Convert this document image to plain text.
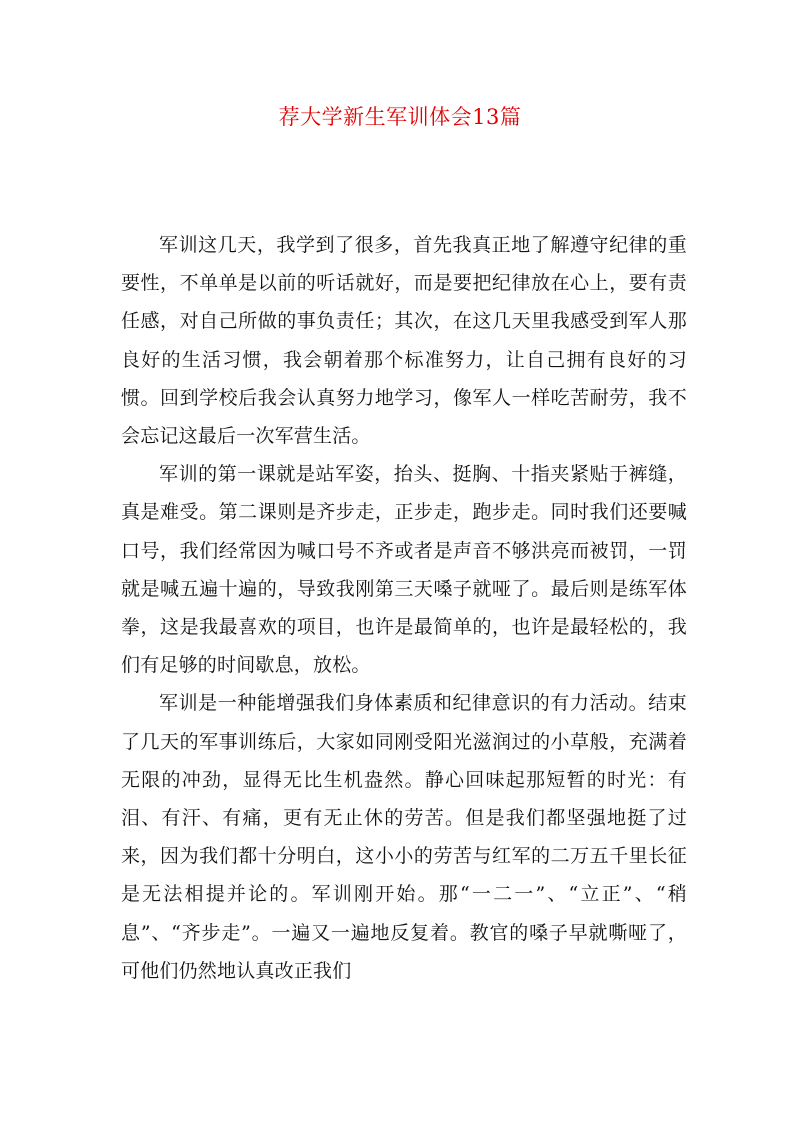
荐大学新生军训体会13篇

军训这几天，我学到了很多，首先我真正地了解遵守纪律的重要性，不单单是以前的听话就好，而是要把纪律放在心上，要有责任感，对自己所做的事负责任；其次，在这几天里我感受到军人那良好的生活习惯，我会朝着那个标准努力，让自己拥有良好的习惯。回到学校后我会认真努力地学习，像军人一样吃苦耐劳，我不会忘记这最后一次军营生活。

军训的第一课就是站军姿，抬头、挺胸、十指夹紧贴于裤缝，真是难受。第二课则是齐步走，正步走，跑步走。同时我们还要喊口号，我们经常因为喊口号不齐或者是声音不够洪亮而被罚，一罚就是喊五遍十遍的，导致我刚第三天嗓子就哑了。最后则是练军体拳，这是我最喜欢的项目，也许是最简单的，也许是最轻松的，我们有足够的时间歇息，放松。

军训是一种能增强我们身体素质和纪律意识的有力活动。结束了几天的军事训练后，大家如同刚受阳光滋润过的小草般，充满着无限的冲劲，显得无比生机盎然。静心回味起那短暂的时光：有泪、有汗、有痛，更有无止休的劳苦。但是我们都坚强地挺了过来，因为我们都十分明白，这小小的劳苦与红军的二万五千里长征是无法相提并论的。军训刚开始。那“一二一”、“立正”、“稍息”、“齐步走”。一遍又一遍地反复着。教官的嗓子早就嘶哑了，可他们仍然地认真改正我们
